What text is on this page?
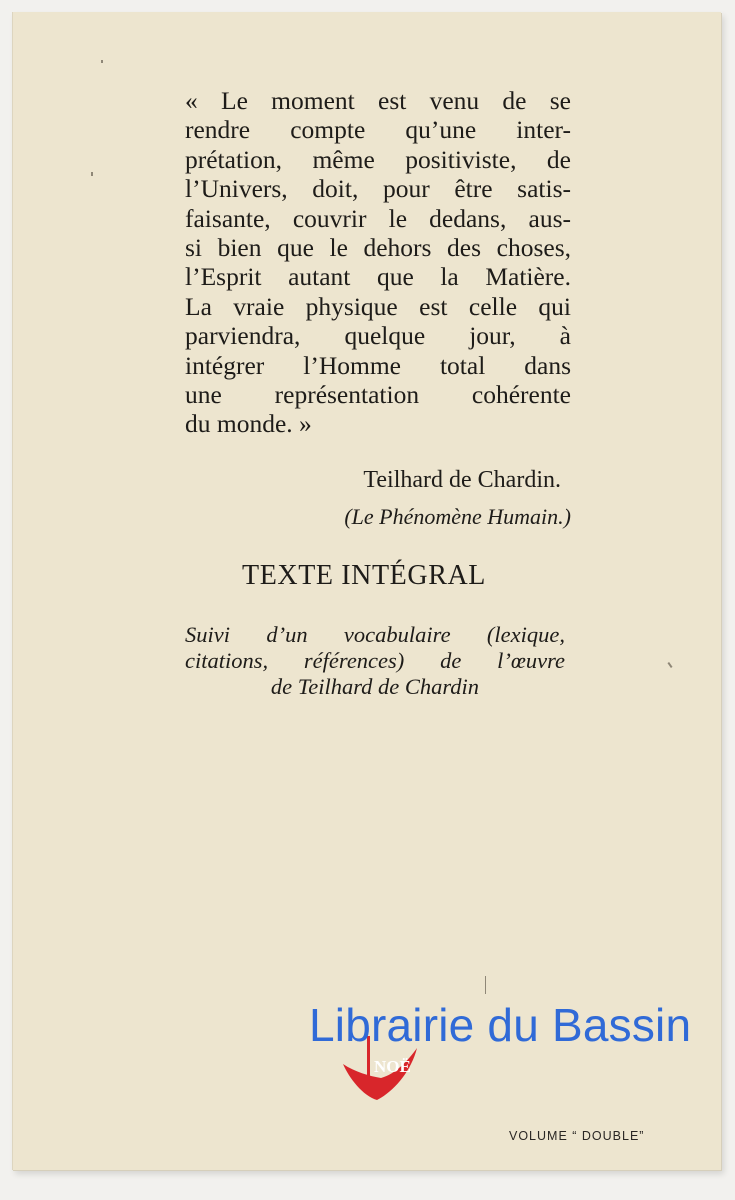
« Le moment est venu de se
rendre compte qu’une inter-
prétation, même positiviste, de
l’Univers, doit, pour être satis-
faisante, couvrir le dedans, aus-
si bien que le dehors des choses,
l’Esprit autant que la Matière.
La vraie physique est celle qui
parviendra, quelque jour, à
intégrer l’Homme total dans
une représentation cohérente
du monde. »
Teilhard de Chardin.
(Le Phénomène Humain.)
TEXTE INTÉGRAL
Suivi d’un vocabulaire (lexique,
citations, références) de l’œuvre
de Teilhard de Chardin
NOË
Librairie du Bassin
VOLUME “ DOUBLE”
